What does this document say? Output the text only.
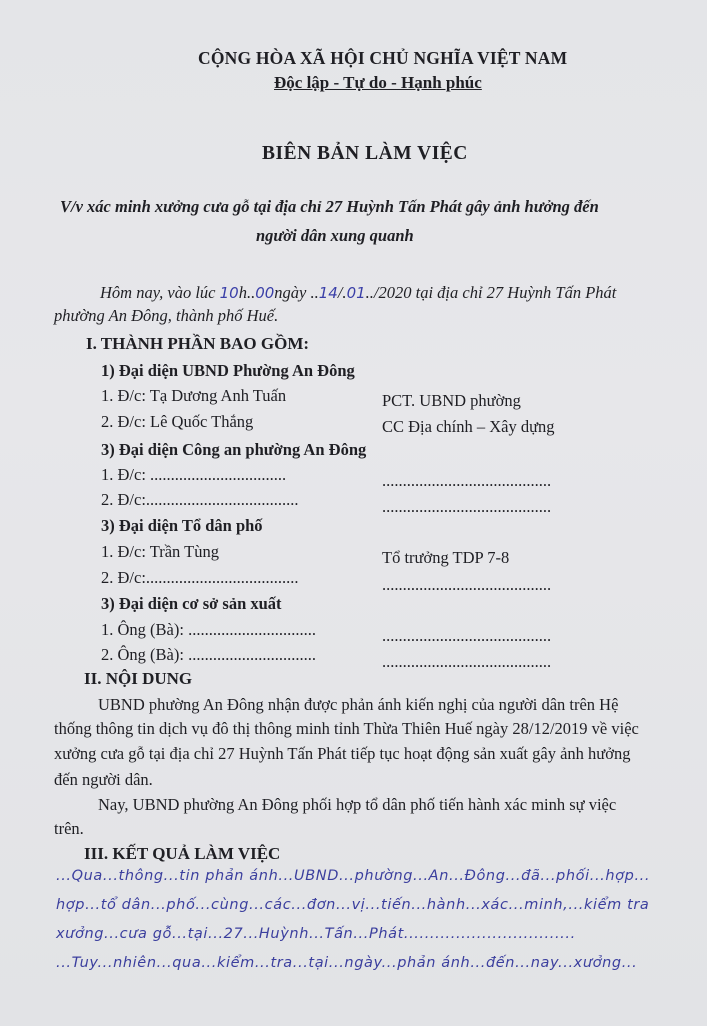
CỘNG HÒA XÃ HỘI CHỦ NGHĨA VIỆT NAM
Độc lập - Tự do - Hạnh phúc
BIÊN BẢN LÀM VIỆC
V/v xác minh xưởng cưa gỗ tại địa chỉ 27 Huỳnh Tấn Phát gây ảnh hưởng đến
người dân xung quanh
Hôm nay, vào lúc 10h..00ngày ..14/.01../2020 tại địa chỉ 27 Huỳnh Tấn Phát
phường An Đông, thành phố Huế.
I. THÀNH PHẦN BAO GỒM:
1) Đại diện UBND Phường An Đông
1. Đ/c: Tạ Dương Anh Tuấn	PCT. UBND phường
2. Đ/c: Lê Quốc Thắng	CC Địa chính – Xây dựng
3) Đại diện Công an phường An Đông
1. Đ/c: .................................	.........................................
2. Đ/c:.....................................	.........................................
3) Đại diện Tổ dân phố
1. Đ/c: Trần Tùng	Tổ trưởng TDP 7-8
2. Đ/c:.....................................	.........................................
3) Đại diện cơ sở sản xuất
1. Ông (Bà): ...............................	.........................................
2. Ông (Bà): ...............................	.........................................
II. NỘI DUNG
UBND phường An Đông nhận được phản ánh kiến nghị của người dân trên Hệ
thống thông tin dịch vụ đô thị thông minh tỉnh Thừa Thiên Huế ngày 28/12/2019 về việc
xưởng cưa gỗ tại địa chỉ 27 Huỳnh Tấn Phát tiếp tục hoạt động sản xuất gây ảnh hưởng
đến người dân.
Nay, UBND phường An Đông phối hợp tổ dân phố tiến hành xác minh sự việc
trên.
III. KẾT QUẢ LÀM VIỆC
...Qua...thông...tin phản ánh...UBND...phường...An...Đông...đã...phối...hợp...
hợp...tổ dân...phố...cùng...các...đơn...vị...tiến...hành...xác...minh,...kiểm tra
xưởng...cưa gỗ...tại...27...Huỳnh...Tấn...Phát.................................
...Tuy...nhiên...qua...kiểm...tra...tại...ngày...phản ánh...đến...nay...xưởng...
